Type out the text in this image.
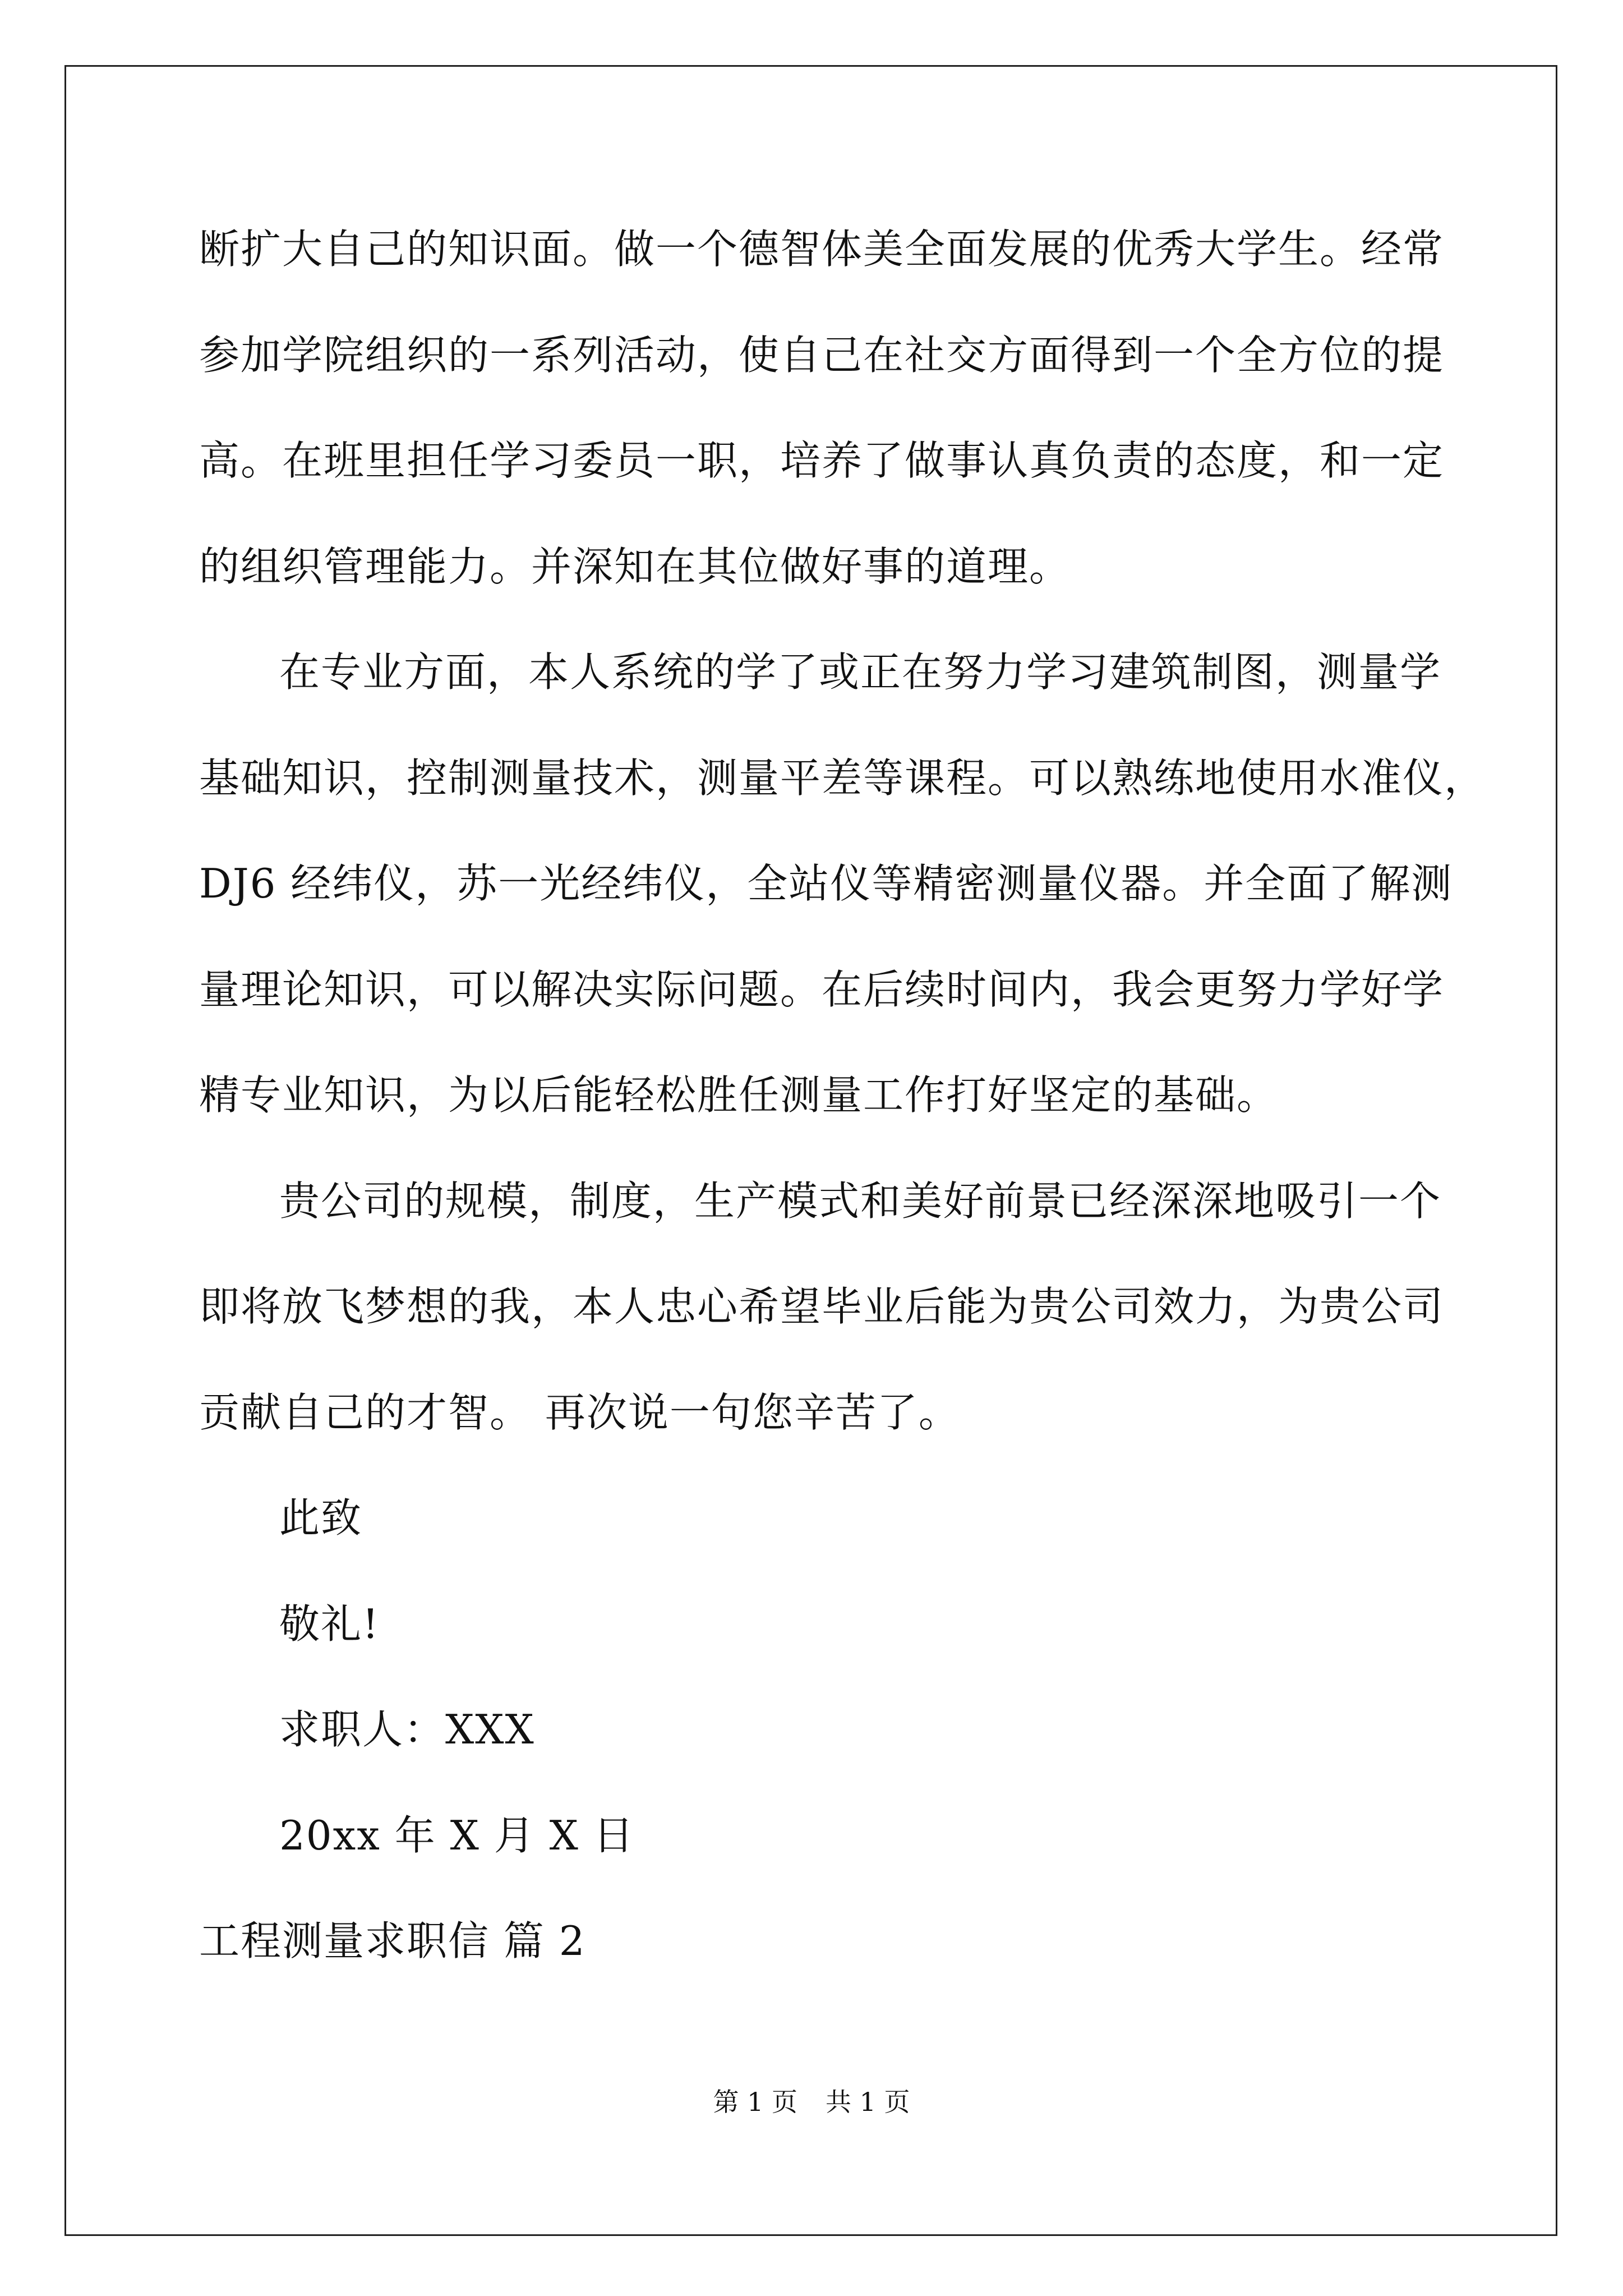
断扩大自己的知识面。做一个德智体美全面发展的优秀大学生。经常
参加学院组织的一系列活动，使自己在社交方面得到一个全方位的提
高。在班里担任学习委员一职，培养了做事认真负责的态度，和一定
的组织管理能力。并深知在其位做好事的道理。
在专业方面，本人系统的学了或正在努力学习建筑制图，测量学
基础知识，控制测量技术，测量平差等课程。可以熟练地使用水准仪，
DJ6 经纬仪，苏一光经纬仪，全站仪等精密测量仪器。并全面了解测
量理论知识，可以解决实际问题。在后续时间内，我会更努力学好学
精专业知识，为以后能轻松胜任测量工作打好坚定的基础。
贵公司的规模，制度，生产模式和美好前景已经深深地吸引一个
即将放飞梦想的我，本人忠心希望毕业后能为贵公司效力，为贵公司
贡献自己的才智。 再次说一句您辛苦了。
此致
敬礼!
求职人：XXX
20xx 年 X 月 X 日
工程测量求职信 篇 2
第 1 页 共 1 页
